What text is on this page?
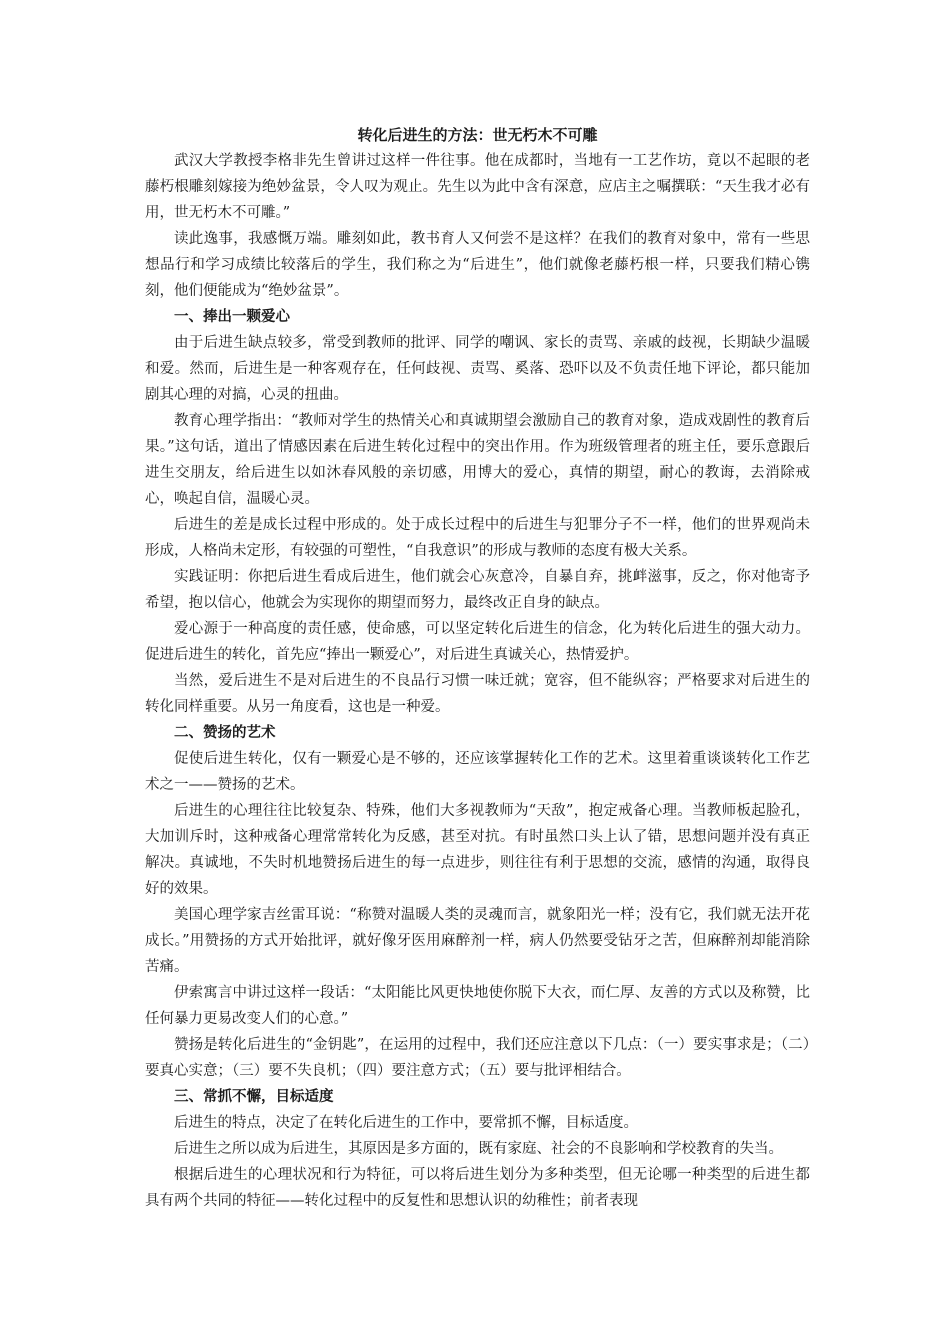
转化后进生的方法：世无朽木不可雕

武汉大学教授李格非先生曾讲过这样一件往事。他在成都时，当地有一工艺作坊，竟以不起眼的老藤朽根雕刻嫁接为绝妙盆景，令人叹为观止。先生以为此中含有深意，应店主之嘱撰联：“天生我才必有用，世无朽木不可雕。”

读此逸事，我感慨万端。雕刻如此，教书育人又何尝不是这样？在我们的教育对象中，常有一些思想品行和学习成绩比较落后的学生，我们称之为“后进生”，他们就像老藤朽根一样，只要我们精心镌刻，他们便能成为“绝妙盆景”。

一、捧出一颗爱心

由于后进生缺点较多，常受到教师的批评、同学的嘲讽、家长的责骂、亲戚的歧视，长期缺少温暖和爱。然而，后进生是一种客观存在，任何歧视、责骂、奚落、恐吓以及不负责任地下评论，都只能加剧其心理的对搞，心灵的扭曲。

教育心理学指出：“教师对学生的热情关心和真诚期望会激励自己的教育对象，造成戏剧性的教育后果。”这句话，道出了情感因素在后进生转化过程中的突出作用。作为班级管理者的班主任，要乐意跟后进生交朋友，给后进生以如沐春风般的亲切感，用博大的爱心，真情的期望，耐心的教诲，去消除戒心，唤起自信，温暖心灵。

后进生的差是成长过程中形成的。处于成长过程中的后进生与犯罪分子不一样，他们的世界观尚未形成，人格尚未定形，有较强的可塑性，“自我意识”的形成与教师的态度有极大关系。

实践证明：你把后进生看成后进生，他们就会心灰意冷，自暴自弃，挑衅滋事，反之，你对他寄予希望，抱以信心，他就会为实现你的期望而努力，最终改正自身的缺点。

爱心源于一种高度的责任感，使命感，可以坚定转化后进生的信念，化为转化后进生的强大动力。促进后进生的转化，首先应“捧出一颗爱心”，对后进生真诚关心，热情爱护。

当然，爱后进生不是对后进生的不良品行习惯一味迁就；宽容，但不能纵容；严格要求对后进生的转化同样重要。从另一角度看，这也是一种爱。

二、赞扬的艺术

促使后进生转化，仅有一颗爱心是不够的，还应该掌握转化工作的艺术。这里着重谈谈转化工作艺术之一——赞扬的艺术。

后进生的心理往往比较复杂、特殊，他们大多视教师为“天敌”，抱定戒备心理。当教师板起脸孔，大加训斥时，这种戒备心理常常转化为反感，甚至对抗。有时虽然口头上认了错，思想问题并没有真正解决。真诚地，不失时机地赞扬后进生的每一点进步，则往往有利于思想的交流，感情的沟通，取得良好的效果。

美国心理学家吉丝雷耳说：“称赞对温暖人类的灵魂而言，就象阳光一样；没有它，我们就无法开花成长。”用赞扬的方式开始批评，就好像牙医用麻醉剂一样，病人仍然要受钻牙之苦，但麻醉剂却能消除苦痛。

伊索寓言中讲过这样一段话：“太阳能比风更快地使你脱下大衣，而仁厚、友善的方式以及称赞，比任何暴力更易改变人们的心意。”

赞扬是转化后进生的“金钥匙”，在运用的过程中，我们还应注意以下几点：（一）要实事求是；（二）要真心实意；（三）要不失良机；（四）要注意方式；（五）要与批评相结合。

三、常抓不懈，目标适度

后进生的特点，决定了在转化后进生的工作中，要常抓不懈，目标适度。

后进生之所以成为后进生，其原因是多方面的，既有家庭、社会的不良影响和学校教育的失当。

根据后进生的心理状况和行为特征，可以将后进生划分为多种类型，但无论哪一种类型的后进生都具有两个共同的特征——转化过程中的反复性和思想认识的幼稚性；前者表现
